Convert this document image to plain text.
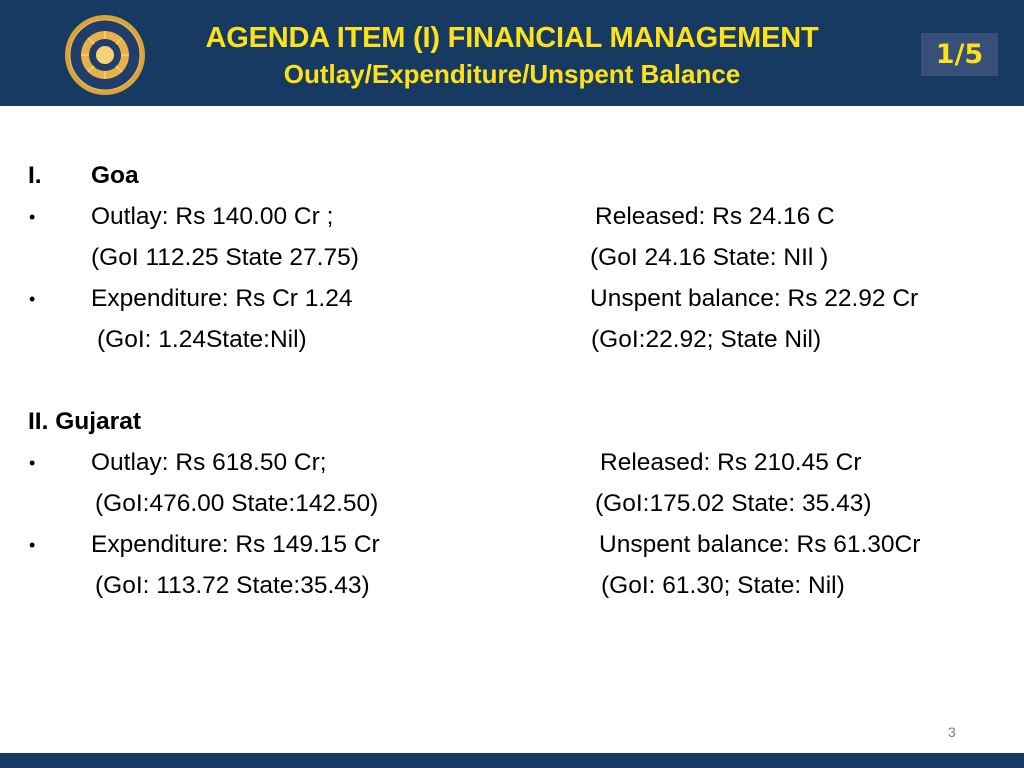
AGENDA ITEM (I) FINANCIAL MANAGEMENT
Outlay/Expenditure/Unspent Balance
1/5
I. Goa
• Outlay: Rs 140.00 Cr ;	Released: Rs 24.16 C
(GoI 112.25 State 27.75)	(GoI 24.16 State: NIl )
• Expenditure: Rs Cr 1.24	Unspent balance: Rs 22.92 Cr
(GoI: 1.24State:Nil)	(GoI:22.92; State Nil)
II. Gujarat
• Outlay: Rs 618.50 Cr;	Released: Rs 210.45 Cr
(GoI:476.00 State:142.50)	(GoI:175.02 State: 35.43)
• Expenditure: Rs 149.15 Cr	Unspent balance: Rs 61.30Cr
(GoI: 113.72 State:35.43)	(GoI: 61.30; State: Nil)
3
